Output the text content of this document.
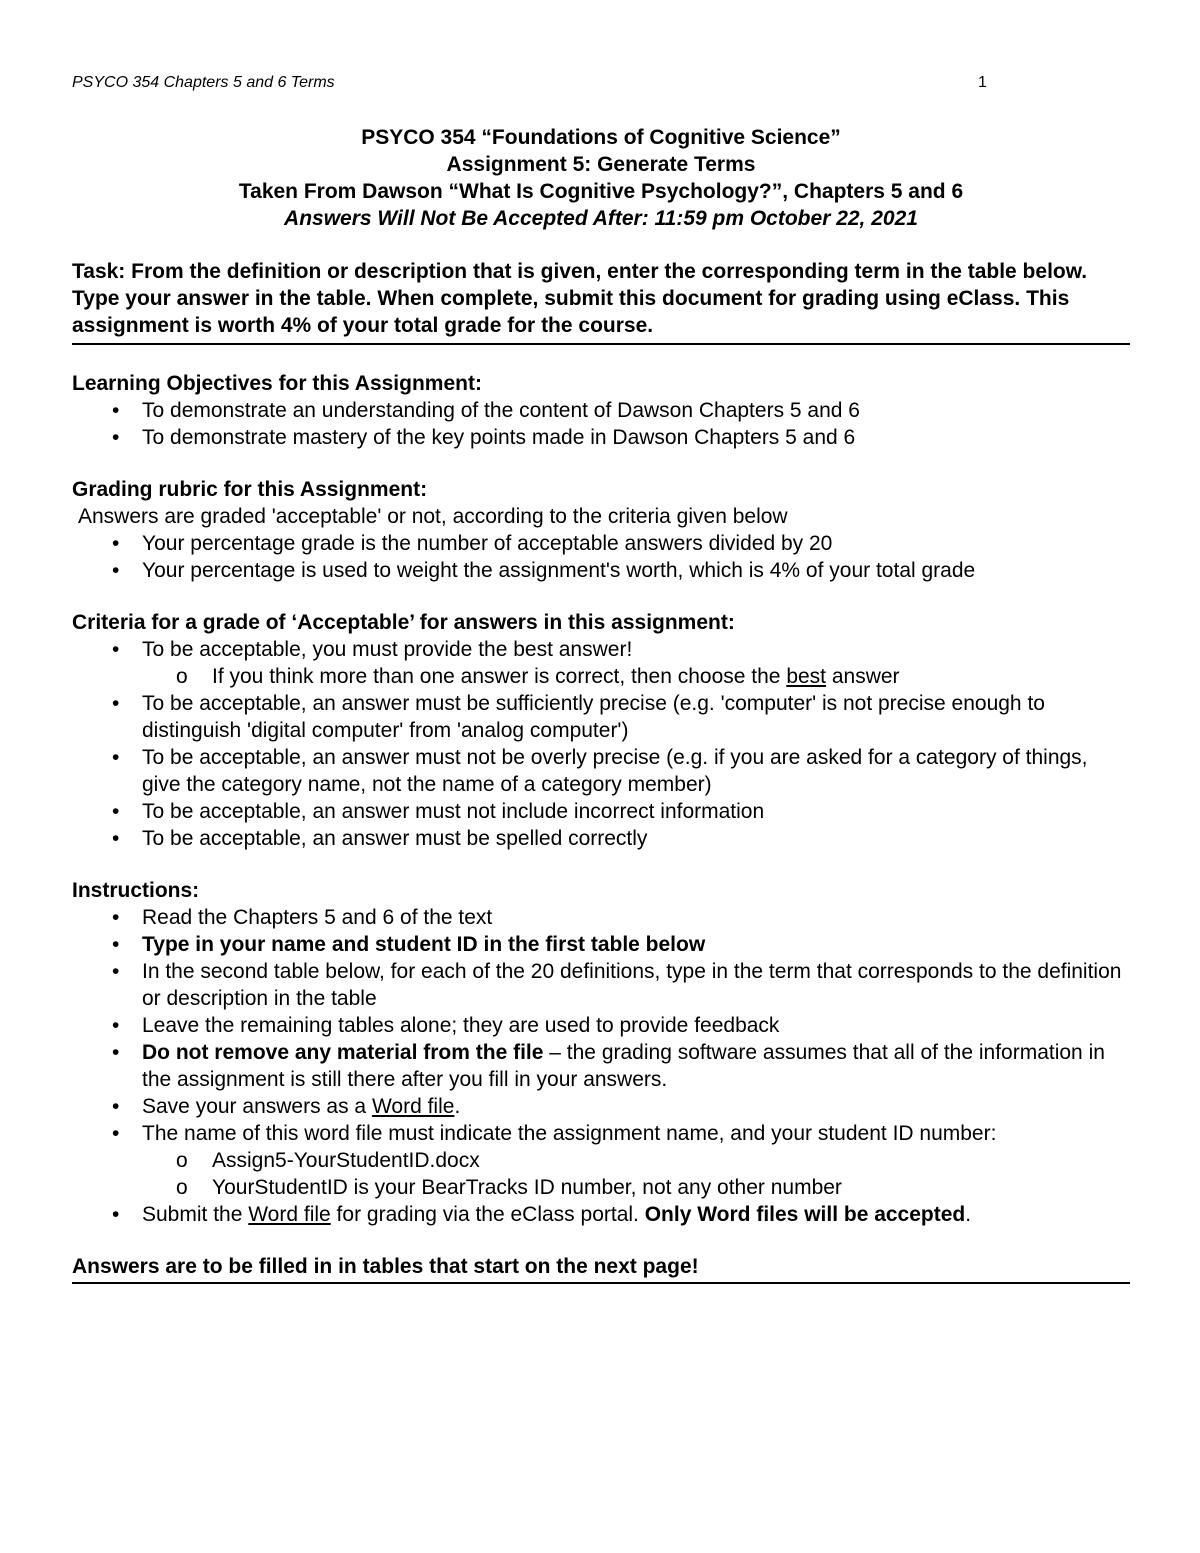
PSYCO 354 Chapters 5 and 6 Terms	1
PSYCO 354 “Foundations of Cognitive Science”
Assignment 5: Generate Terms
Taken From Dawson “What Is Cognitive Psychology?”, Chapters 5 and 6
Answers Will Not Be Accepted After: 11:59 pm October 22, 2021
Task: From the definition or description that is given, enter the corresponding term in the table below. Type your answer in the table. When complete, submit this document for grading using eClass. This assignment is worth 4% of your total grade for the course.
Learning Objectives for this Assignment:
• To demonstrate an understanding of the content of Dawson Chapters 5 and 6
• To demonstrate mastery of the key points made in Dawson Chapters 5 and 6
Grading rubric for this Assignment:
Answers are graded 'acceptable' or not, according to the criteria given below
• Your percentage grade is the number of acceptable answers divided by 20
• Your percentage is used to weight the assignment's worth, which is 4% of your total grade
Criteria for a grade of ‘Acceptable’ for answers in this assignment:
• To be acceptable, you must provide the best answer!
o If you think more than one answer is correct, then choose the best answer
• To be acceptable, an answer must be sufficiently precise (e.g. 'computer' is not precise enough to distinguish 'digital computer' from 'analog computer')
• To be acceptable, an answer must not be overly precise (e.g. if you are asked for a category of things, give the category name, not the name of a category member)
• To be acceptable, an answer must not include incorrect information
• To be acceptable, an answer must be spelled correctly
Instructions:
• Read the Chapters 5 and 6 of the text
• Type in your name and student ID in the first table below
• In the second table below, for each of the 20 definitions, type in the term that corresponds to the definition or description in the table
• Leave the remaining tables alone; they are used to provide feedback
• Do not remove any material from the file – the grading software assumes that all of the information in the assignment is still there after you fill in your answers.
• Save your answers as a Word file.
• The name of this word file must indicate the assignment name, and your student ID number:
o Assign5-YourStudentID.docx
o YourStudentID is your BearTracks ID number, not any other number
• Submit the Word file for grading via the eClass portal. Only Word files will be accepted.
Answers are to be filled in in tables that start on the next page!
